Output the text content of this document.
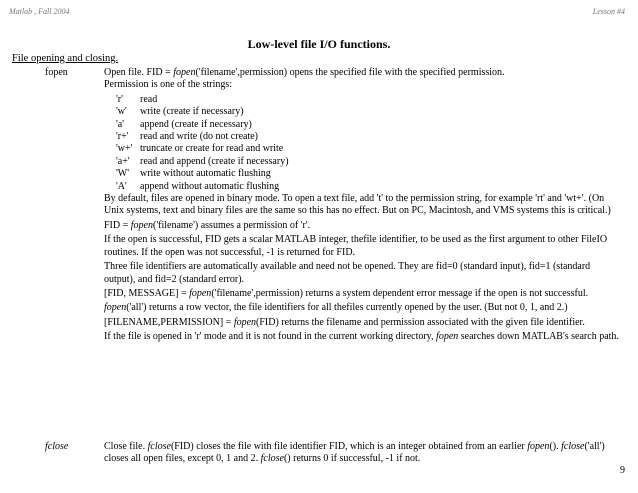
Matlab , Fall 2004	Lesson #4
Low-level file I/O functions.
File opening and closing.
fopen	Open file. FID = fopen('filename',permission) opens the specified file with the specified permission.
Permission is one of the strings:

'r'	read
'w'	write (create if necessary)
'a'	append (create if necessary)
'r+'	read and write (do not create)
'w+' truncate or create for read and write
'a+'	read and append (create if necessary)
'W'	write without automatic flushing
'A'	append without automatic flushing

By default, files are opened in binary mode. To open a text file, add 't' to the permission string, for example 'rt' and 'wt+'. (On Unix systems, text and binary files are the same so this has no effect. But on PC, Macintosh, and VMS systems this is critical.)

FID = fopen('filename') assumes a permission of 'r'.

If the open is successful, FID gets a scalar MATLAB integer, thefile identifier, to be used as the first argument to other FileIO routines. If the open was not successful, -1 is returned for FID.

Three file identifiers are automatically available and need not be opened. They are fid=0 (standard input), fid=1 (standard output), and fid=2 (standard error).

[FID, MESSAGE] = fopen('filename',permission) returns a system dependent error message if the open is not successful.

fopen('all') returns a row vector, the file identifiers for all thefiles currently opened by the user. (But not 0, 1, and 2.)

[FILENAME,PERMISSION] = fopen(FID) returns the filename and permission associated with the given file identifier.

If the file is opened in 'r' mode and it is not found in the current working directory, fopen searches down MATLAB's search path.

fclose	Close file. fclose(FID) closes the file with file identifier FID, which is an integer obtained from an earlier fopen(). fclose('all') closes all open files, except 0, 1 and 2. fclose() returns 0 if successful, -1 if not.

9
